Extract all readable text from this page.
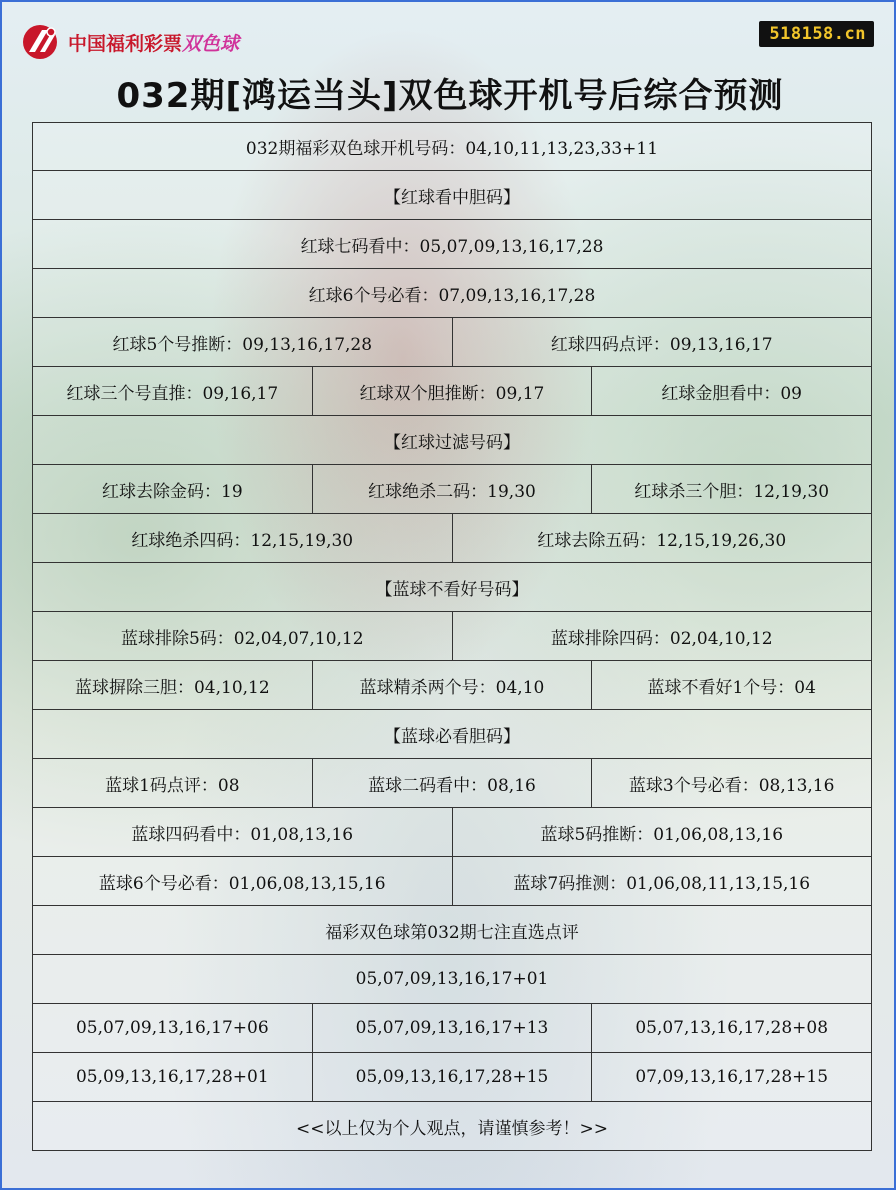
中国福利彩票双色球	518158.cn
032期[鸿运当头]双色球开机号后综合预测
032期福彩双色球开机号码：04,10,11,13,23,33+11
【红球看中胆码】
红球七码看中：05,07,09,13,16,17,28
红球6个号必看：07,09,13,16,17,28
红球5个号推断：09,13,16,17,28	红球四码点评：09,13,16,17
红球三个号直推：09,16,17	红球双个胆推断：09,17	红球金胆看中：09
【红球过滤号码】
红球去除金码：19	红球绝杀二码：19,30	红球杀三个胆：12,19,30
红球绝杀四码：12,15,19,30	红球去除五码：12,15,19,26,30
【蓝球不看好号码】
蓝球排除5码：02,04,07,10,12	蓝球排除四码：02,04,10,12
蓝球摒除三胆：04,10,12	蓝球精杀两个号：04,10	蓝球不看好1个号：04
【蓝球必看胆码】
蓝球1码点评：08	蓝球二码看中：08,16	蓝球3个号必看：08,13,16
蓝球四码看中：01,08,13,16	蓝球5码推断：01,06,08,13,16
蓝球6个号必看：01,06,08,13,15,16	蓝球7码推测：01,06,08,11,13,15,16
福彩双色球第032期七注直选点评
05,07,09,13,16,17+01
05,07,09,13,16,17+06	05,07,09,13,16,17+13	05,07,13,16,17,28+08
05,09,13,16,17,28+01	05,09,13,16,17,28+15	07,09,13,16,17,28+15
<<以上仅为个人观点，请谨慎参考！>>
